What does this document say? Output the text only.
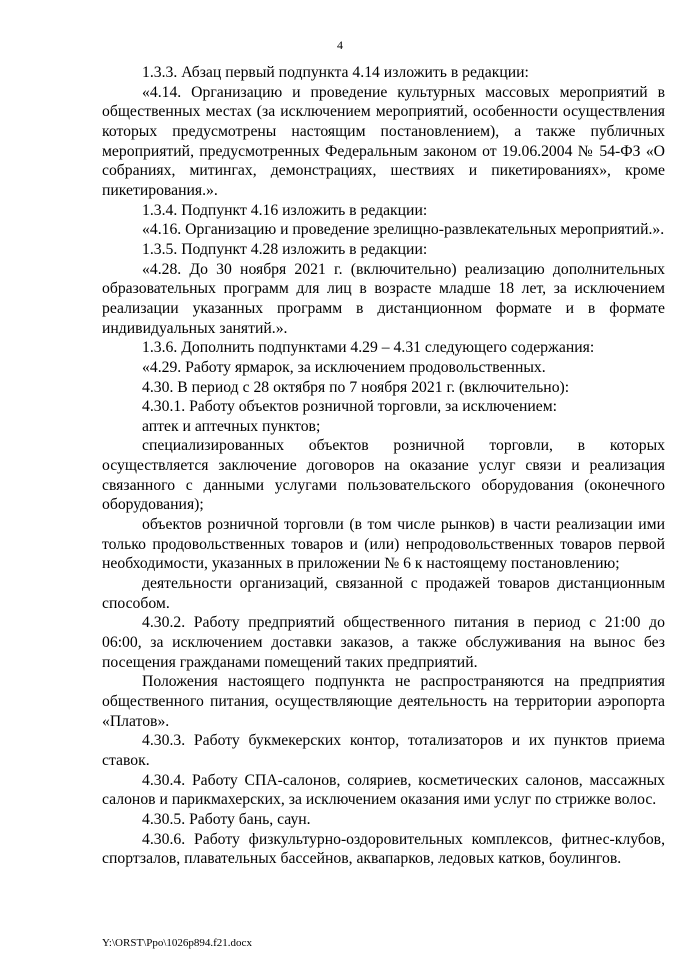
4

1.3.3. Абзац первый подпункта 4.14 изложить в редакции:

«4.14. Организацию и проведение культурных массовых мероприятий в общественных местах (за исключением мероприятий, особенности осуществления которых предусмотрены настоящим постановлением), а также публичных мероприятий, предусмотренных Федеральным законом от 19.06.2004 № 54-ФЗ «О собраниях, митингах, демонстрациях, шествиях и пикетированиях», кроме пикетирования.».

1.3.4. Подпункт 4.16 изложить в редакции:

«4.16. Организацию и проведение зрелищно-развлекательных мероприятий.».

1.3.5. Подпункт 4.28 изложить в редакции:

«4.28. До 30 ноября 2021 г. (включительно) реализацию дополнительных образовательных программ для лиц в возрасте младше 18 лет, за исключением реализации указанных программ в дистанционном формате и в формате индивидуальных занятий.».

1.3.6. Дополнить подпунктами 4.29 – 4.31 следующего содержания:

«4.29. Работу ярмарок, за исключением продовольственных.

4.30. В период с 28 октября по 7 ноября 2021 г. (включительно):

4.30.1. Работу объектов розничной торговли, за исключением:

аптек и аптечных пунктов;

специализированных объектов розничной торговли, в которых осуществляется заключение договоров на оказание услуг связи и реализация связанного с данными услугами пользовательского оборудования (оконечного оборудования);

объектов розничной торговли (в том числе рынков) в части реализации ими только продовольственных товаров и (или) непродовольственных товаров первой необходимости, указанных в приложении № 6 к настоящему постановлению;

деятельности организаций, связанной с продажей товаров дистанционным способом.

4.30.2. Работу предприятий общественного питания в период с 21:00 до 06:00, за исключением доставки заказов, а также обслуживания на вынос без посещения гражданами помещений таких предприятий.

Положения настоящего подпункта не распространяются на предприятия общественного питания, осуществляющие деятельность на территории аэропорта «Платов».

4.30.3. Работу букмекерских контор, тотализаторов и их пунктов приема ставок.

4.30.4. Работу СПА-салонов, соляриев, косметических салонов, массажных салонов и парикмахерских, за исключением оказания ими услуг по стрижке волос.

4.30.5. Работу бань, саун.

4.30.6. Работу физкультурно-оздоровительных комплексов, фитнес-клубов, спортзалов, плавательных бассейнов, аквапарков, ледовых катков, боулингов.

Y:\ORST\Ppo\1026p894.f21.docx
